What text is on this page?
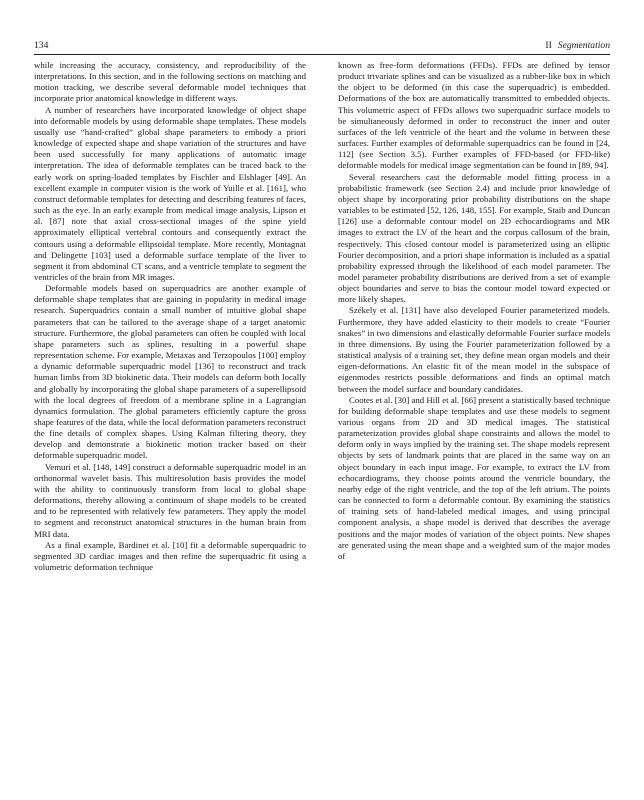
134	II Segmentation

while increasing the accuracy, consistency, and reproducibility of the interpretations. In this section, and in the following sections on matching and motion tracking, we describe several deformable model techniques that incorporate prior anatomical knowledge in different ways.

A number of researchers have incorporated knowledge of object shape into deformable models by using deformable shape templates. These models usually use “hand-crafted” global shape parameters to embody a priori knowledge of expected shape and shape variation of the structures and have been used successfully for many applications of automatic image interpretation. The idea of deformable templates can be traced back to the early work on spring-loaded templates by Fischler and Elshlager [49]. An excellent example in computer vision is the work of Yuille et al. [161], who construct deformable templates for detecting and describing features of faces, such as the eye. In an early example from medical image analysis, Lipson et al. [87] note that axial cross-sectional images of the spine yield approximately elliptical vertebral contours and consequently extract the contours using a deformable ellipsoidal template. More recently, Montagnat and Delingette [103] used a deformable surface template of the liver to segment it from abdominal CT scans, and a ventricle template to segment the ventricles of the brain from MR images.

Deformable models based on superquadrics are another example of deformable shape templates that are gaining in popularity in medical image research. Superquadrics contain a small number of intuitive global shape parameters that can be tailored to the average shape of a target anatomic structure. Furthermore, the global parameters can often be coupled with local shape parameters such as splines, resulting in a powerful shape representation scheme. For example, Metaxas and Terzopoulos [100] employ a dynamic deformable superquadric model [136] to reconstruct and track human limbs from 3D biokinetic data. Their models can deform both locally and globally by incorporating the global shape parameters of a superellipsoid with the local degrees of freedom of a membrane spline in a Lagrangian dynamics formulation. The global parameters efficiently capture the gross shape features of the data, while the local deformation parameters reconstruct the fine details of complex shapes. Using Kalman filtering theory, they develop and demonstrate a biokinetic motion tracker based on their deformable superquadric model.

Vemuri et al. [148, 149] construct a deformable superquadric model in an orthonormal wavelet basis. This multiresolution basis provides the model with the ability to continuously transform from local to global shape deformations, thereby allowing a continuum of shape models to be created and to be represented with relatively few parameters. They apply the model to segment and reconstruct anatomical structures in the human brain from MRI data.

As a final example, Bardinet et al. [10] fit a deformable superquadric to segmented 3D cardiac images and then refine the superquadric fit using a volumetric deformation technique

known as free-form deformations (FFDs). FFDs are defined by tensor product trivariate splines and can be visualized as a rubber-like box in which the object to be deformed (in this case the superquadric) is embedded. Deformations of the box are automatically transmitted to embedded objects. This volumetric aspect of FFDs allows two superquadric surface models to be simultaneously deformed in order to reconstruct the inner and outer surfaces of the left ventricle of the heart and the volume in between these surfaces. Further examples of deformable superquadrics can be found in [24, 112] (see Section 3.5). Further examples of FFD-based (or FFD-like) deformable models for medical image segmentation can be found in [89, 94].

Several researchers cast the deformable model fitting process in a probabilistic framework (see Section 2.4) and include prior knowledge of object shape by incorporating prior probability distributions on the shape variables to be estimated [52, 126, 148, 155]. For example, Staib and Duncan [126] use a deformable contour model on 2D echocardiograms and MR images to extract the LV of the heart and the corpus callosum of the brain, respectively. This closed contour model is parameterized using an elliptic Fourier decomposition, and a priori shape information is included as a spatial probability expressed through the likelihood of each model parameter. The model parameter probability distributions are derived from a set of example object boundaries and serve to bias the contour model toward expected or more likely shapes.

Székely et al. [131] have also developed Fourier parameterized models. Furthermore, they have added elasticity to their models to create “Fourier snakes” in two dimensions and elastically deformable Fourier surface models in three dimensions. By using the Fourier parameterization followed by a statistical analysis of a training set, they define mean organ models and their eigen-deformations. An elastic fit of the mean model in the subspace of eigenmodes restricts possible deformations and finds an optimal match between the model surface and boundary candidates.

Cootes et al. [30] and Hill et al. [66] present a statistically based technique for building deformable shape templates and use these models to segment various organs from 2D and 3D medical images. The statistical parameterization provides global shape constraints and allows the model to deform only in ways implied by the training set. The shape models represent objects by sets of landmark points that are placed in the same way on an object boundary in each input image. For example, to extract the LV from echocardiograms, they choose points around the ventricle boundary, the nearby edge of the right ventricle, and the top of the left atrium. The points can be connected to form a deformable contour. By examining the statistics of training sets of hand-labeled medical images, and using principal component analysis, a shape model is derived that describes the average positions and the major modes of variation of the object points. New shapes are generated using the mean shape and a weighted sum of the major modes of
